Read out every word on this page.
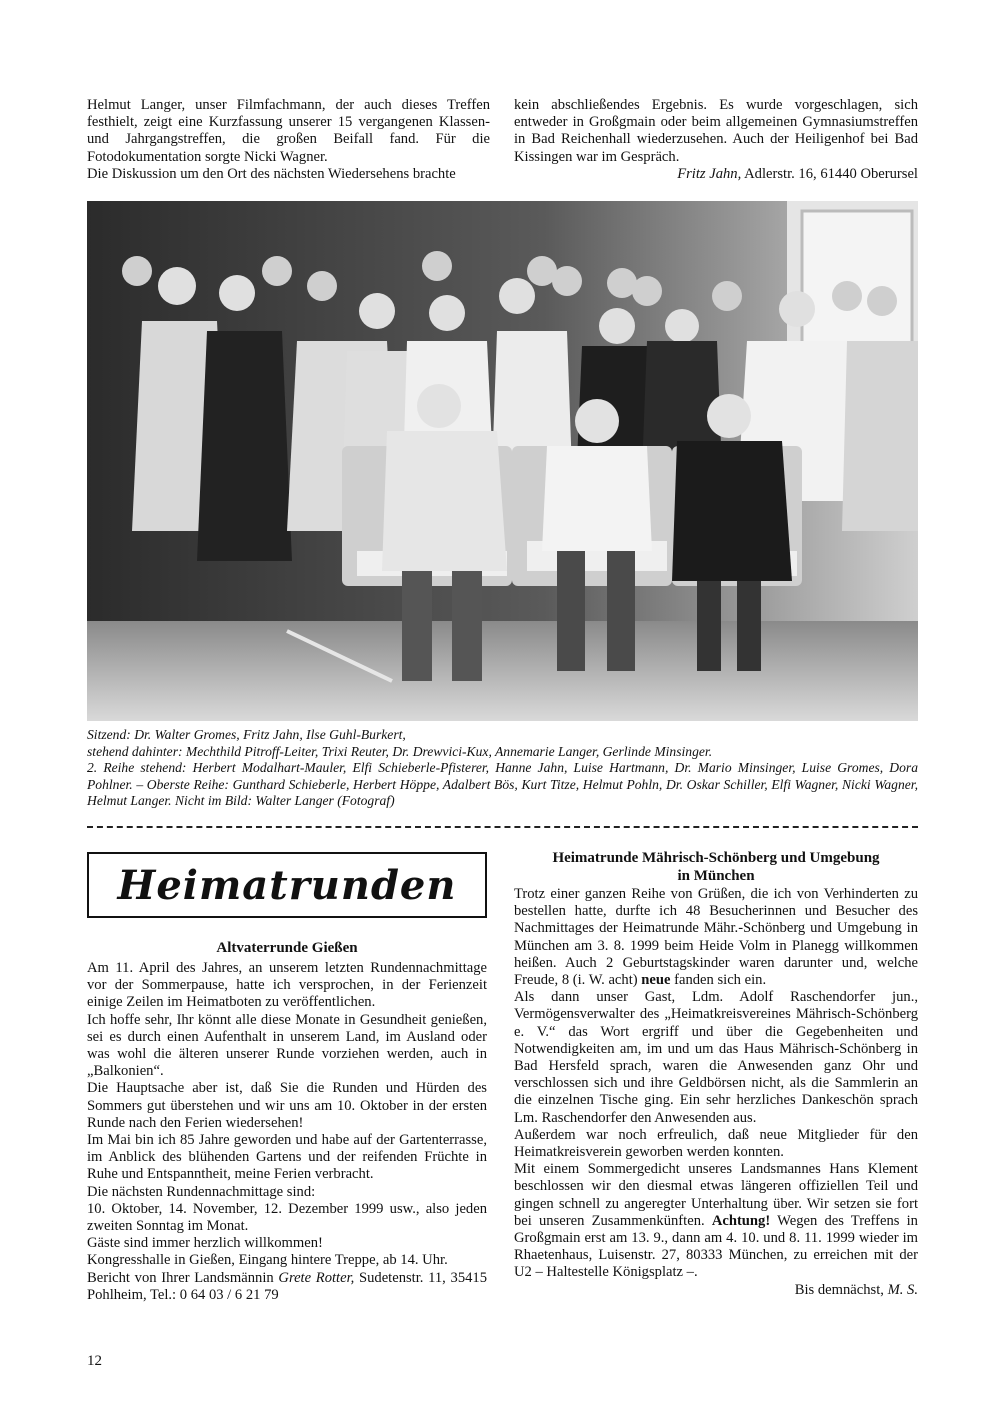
Helmut Langer, unser Filmfachmann, der auch dieses Treffen festhielt, zeigt eine Kurzfassung unserer 15 vergangenen Klassen- und Jahrgangstreffen, die großen Beifall fand. Für die Fotodokumentation sorgte Nicki Wagner.

Die Diskussion um den Ort des nächsten Wiedersehens brachte

kein abschließendes Ergebnis. Es wurde vorgeschlagen, sich entweder in Großgmain oder beim allgemeinen Gymnasiumstreffen in Bad Reichenhall wiederzusehen. Auch der Heiligenhof bei Bad Kissingen war im Gespräch.

Fritz Jahn, Adlerstr. 16, 61440 Oberursel

Sitzend: Dr. Walter Gromes, Fritz Jahn, Ilse Guhl-Burkert,

stehend dahinter: Mechthild Pitroff-Leiter, Trixi Reuter, Dr. Drewvici-Kux, Annemarie Langer, Gerlinde Minsinger.

2. Reihe stehend: Herbert Modalhart-Mauler, Elfi Schieberle-Pfisterer, Hanne Jahn, Luise Hartmann, Dr. Mario Minsinger, Luise Gromes, Dora Pohlner. – Oberste Reihe: Gunthard Schieberle, Herbert Höppe, Adalbert Bös, Kurt Titze, Helmut Pohln, Dr. Oskar Schiller, Elfi Wagner, Nicki Wagner, Helmut Langer. Nicht im Bild: Walter Langer (Fotograf)

Heimatrunden
Altvaterrunde Gießen

Am 11. April des Jahres, an unserem letzten Rundennachmittage vor der Sommerpause, hatte ich versprochen, in der Ferienzeit einige Zeilen im Heimatboten zu veröffentlichen.

Ich hoffe sehr, Ihr könnt alle diese Monate in Gesundheit genießen, sei es durch einen Aufenthalt in unserem Land, im Ausland oder was wohl die älteren unserer Runde vorziehen werden, auch in „Balkonien“.

Die Hauptsache aber ist, daß Sie die Runden und Hürden des Sommers gut überstehen und wir uns am 10. Oktober in der ersten Runde nach den Ferien wiedersehen!

Im Mai bin ich 85 Jahre geworden und habe auf der Gartenterrasse, im Anblick des blühenden Gartens und der reifenden Früchte in Ruhe und Entspanntheit, meine Ferien verbracht.

Die nächsten Rundennachmittage sind:

10. Oktober, 14. November, 12. Dezember 1999 usw., also jeden zweiten Sonntag im Monat.

Gäste sind immer herzlich willkommen!

Kongresshalle in Gießen, Eingang hintere Treppe, ab 14. Uhr.

Bericht von Ihrer Landsmännin Grete Rotter, Sudetenstr. 11, 35415 Pohlheim, Tel.: 0 64 03 / 6 21 79

Heimatrunde Mährisch-Schönberg und Umgebung
in München

Trotz einer ganzen Reihe von Grüßen, die ich von Verhinderten zu bestellen hatte, durfte ich 48 Besucherinnen und Besucher des Nachmittages der Heimatrunde Mähr.-Schönberg und Umgebung in München am 3. 8. 1999 beim Heide Volm in Planegg willkommen heißen. Auch 2 Geburtstagskinder waren darunter und, welche Freude, 8 (i. W. acht) neue fanden sich ein.

Als dann unser Gast, Ldm. Adolf Raschendorfer jun., Vermögensverwalter des „Heimatkreisvereines Mährisch-Schönberg e. V.“ das Wort ergriff und über die Gegebenheiten und Notwendigkeiten am, im und um das Haus Mährisch-Schönberg in Bad Hersfeld sprach, waren die Anwesenden ganz Ohr und verschlossen sich und ihre Geldbörsen nicht, als die Sammlerin an die einzelnen Tische ging. Ein sehr herzliches Dankeschön sprach Lm. Raschendorfer den Anwesenden aus.

Außerdem war noch erfreulich, daß neue Mitglieder für den Heimatkreisverein geworben werden konnten.

Mit einem Sommergedicht unseres Landsmannes Hans Klement beschlossen wir den diesmal etwas längeren offiziellen Teil und gingen schnell zu angeregter Unterhaltung über. Wir setzen sie fort bei unseren Zusammenkünften. Achtung! Wegen des Treffens in Großgmain erst am 13. 9., dann am 4. 10. und 8. 11. 1999 wieder im Rhaetenhaus, Luisenstr. 27, 80333 München, zu erreichen mit der U2 – Haltestelle Königsplatz –.

Bis demnächst, M. S.

12
